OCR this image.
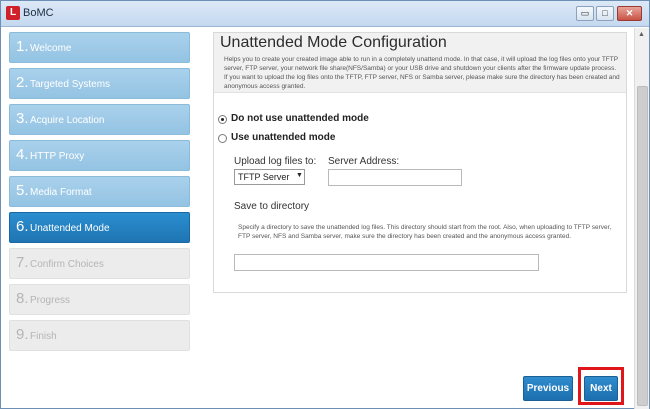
L BoMC	▭	□	✕
1. Welcome
2. Targeted Systems
3. Acquire Location
4. HTTP Proxy
5. Media Format
6. Unattended Mode
7. Confirm Choices
8. Progress
9. Finish
Unattended Mode Configuration
Helps you to create your created image able to run in a completely unattend mode. In that case, it will upload the log files onto your TFTP server, FTP server, your network file share(NFS/Samba) or your USB drive and shutdown your clients after the firmware update process. If you want to upload the log files onto the TFTP, FTP server, NFS or Samba server, please make sure the directory has been created and anonymous access granted.
Do not use unattended mode
Use unattended mode
Upload log files to:
TFTP Server ▼
Server Address:
Save to directory
Specify a directory to save the unattended log files. This directory should start from the root. Also, when uploading to TFTP server, FTP server, NFS and Samba server, make sure the directory has been created and the anonymous access granted.
▲
Previous	Next
